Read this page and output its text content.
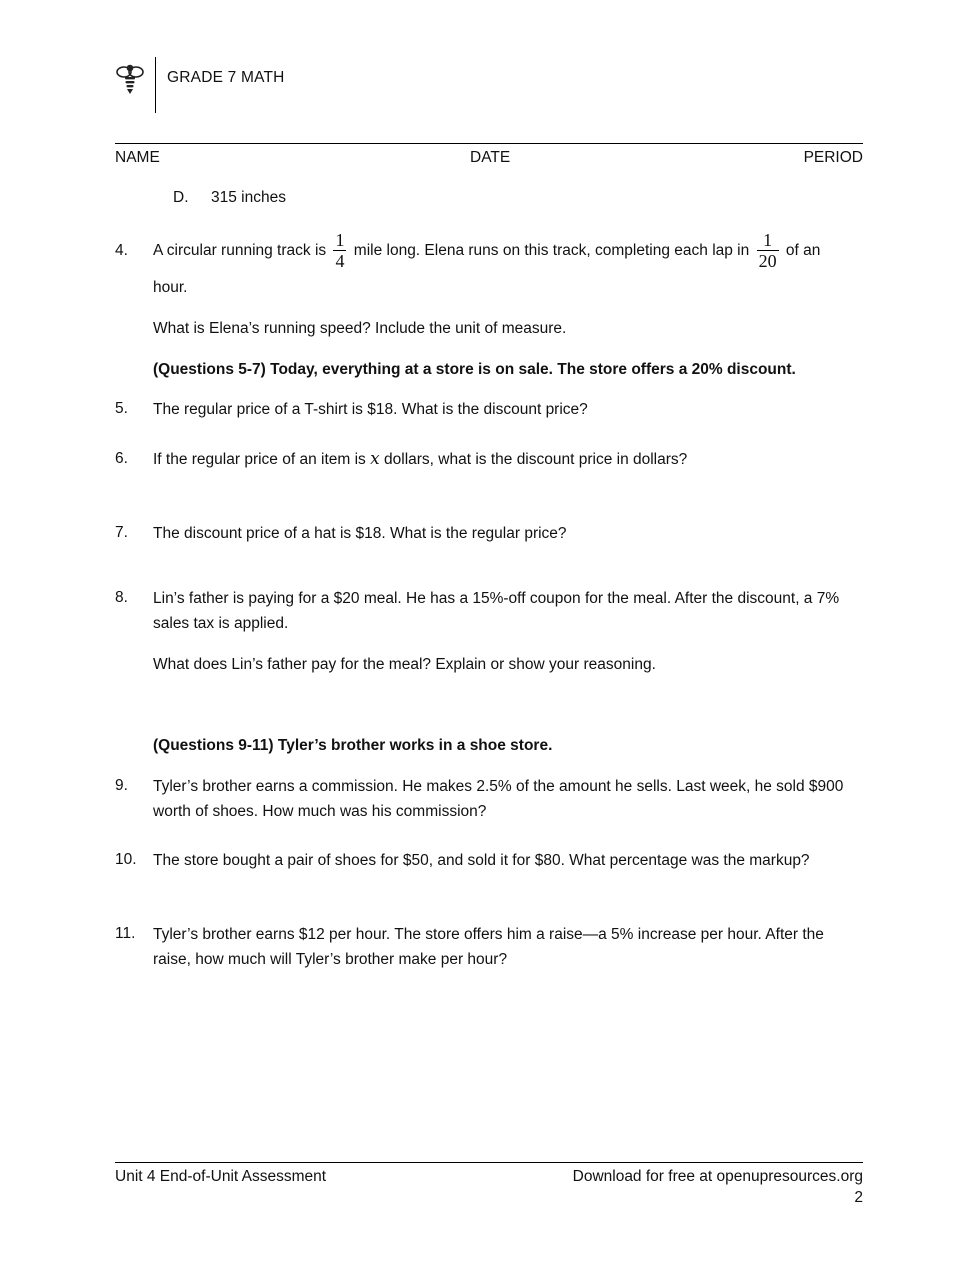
GRADE 7 MATH
NAME	DATE	PERIOD
D. 315 inches
4. A circular running track is $\frac{1}{4}$ mile long. Elena runs on this track, completing each lap in $\frac{1}{20}$ of an
hour.
What is Elena’s running speed? Include the unit of measure.
(Questions 5-7) Today, everything at a store is on sale. The store offers a 20% discount.
5. The regular price of a T-shirt is $18. What is the discount price?
6. If the regular price of an item is x dollars, what is the discount price in dollars?
7. The discount price of a hat is $18. What is the regular price?
8. Lin’s father is paying for a $20 meal. He has a 15%-off coupon for the meal. After the discount, a 7% sales tax is applied.
What does Lin’s father pay for the meal? Explain or show your reasoning.
(Questions 9-11) Tyler’s brother works in a shoe store.
9. Tyler’s brother earns a commission. He makes 2.5% of the amount he sells. Last week, he sold $900 worth of shoes. How much was his commission?
10. The store bought a pair of shoes for $50, and sold it for $80. What percentage was the markup?
11. Tyler’s brother earns $12 per hour. The store offers him a raise—a 5% increase per hour. After the raise, how much will Tyler’s brother make per hour?
Unit 4 End-of-Unit Assessment	Download for free at openupresources.org
2
